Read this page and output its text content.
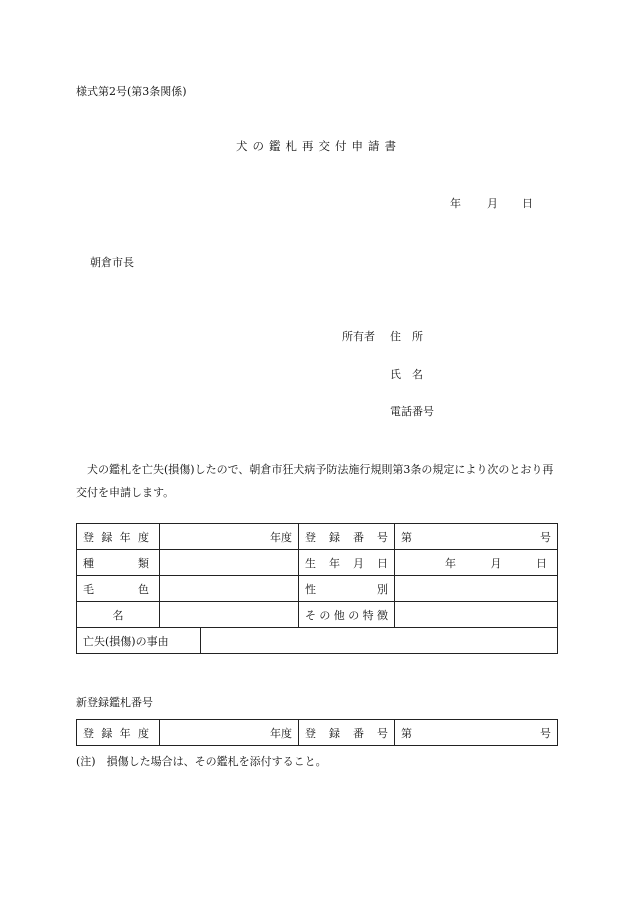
様式第2号(第3条関係)
犬の鑑札再交付申請書
年 月 日
朝倉市長
所有者 住　所
氏　名
電話番号
犬の鑑札を亡失(損傷)したので、朝倉市狂犬病予防法施行規則第3条の規定により次のとおり再交付を申請します。
登録年度	年度		登録番号	第 号

種類			生年月日	年 月 日

毛色			性別	

名			その他の特徴	

亡失(損傷)の事由				
新登録鑑札番号
登録年度	年度	登録番号	第	号
(注)　損傷した場合は、その鑑札を添付すること。
